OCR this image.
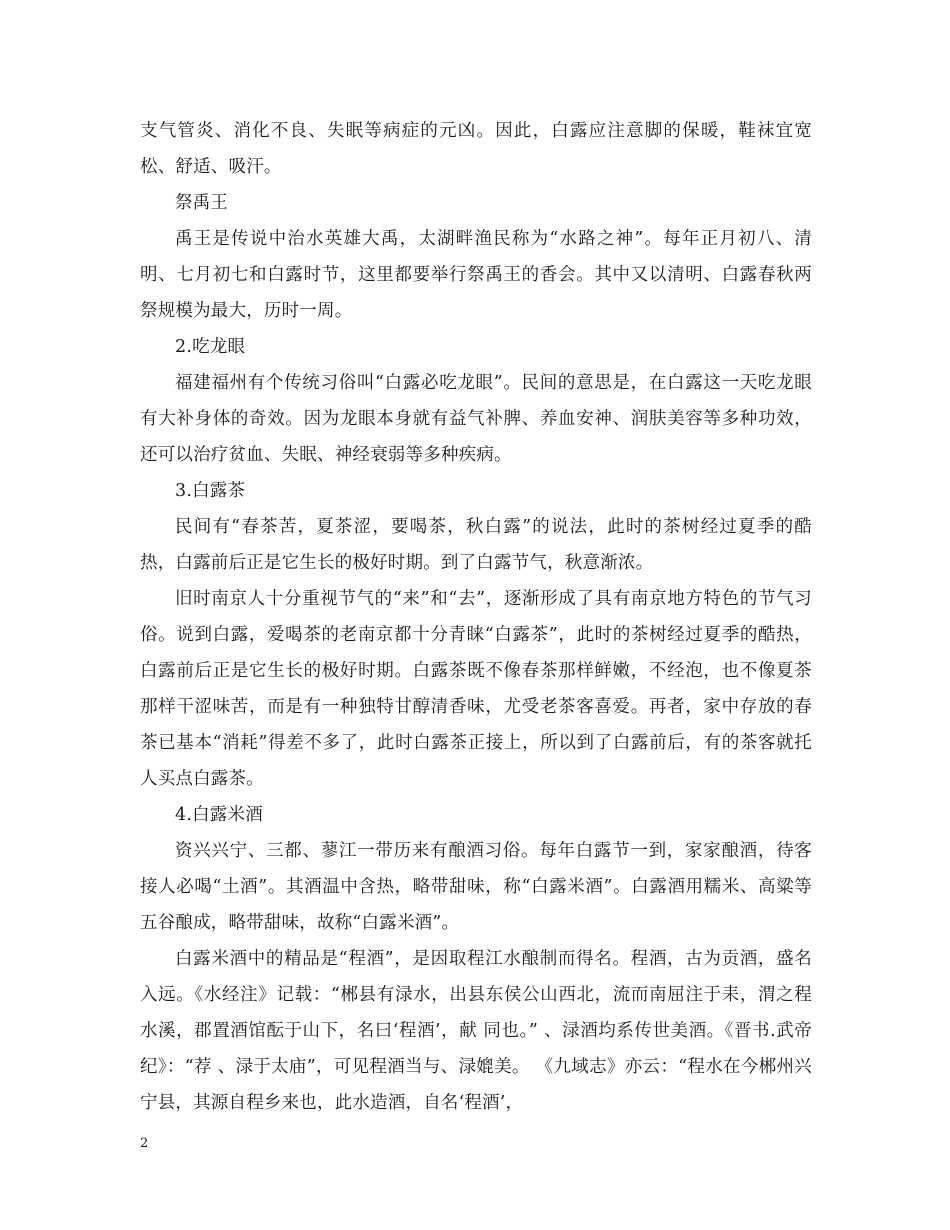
支气管炎、消化不良、失眠等病症的元凶。因此，白露应注意脚的保暖，鞋袜宜宽松、舒适、吸汗。

祭禹王

禹王是传说中治水英雄大禹，太湖畔渔民称为“水路之神”。每年正月初八、清明、七月初七和白露时节，这里都要举行祭禹王的香会。其中又以清明、白露春秋两祭规模为最大，历时一周。

2.吃龙眼

福建福州有个传统习俗叫“白露必吃龙眼”。民间的意思是，在白露这一天吃龙眼有大补身体的奇效。因为龙眼本身就有益气补脾、养血安神、润肤美容等多种功效，还可以治疗贫血、失眠、神经衰弱等多种疾病。

3.白露茶

民间有“春茶苦，夏茶涩，要喝茶，秋白露”的说法，此时的茶树经过夏季的酷热，白露前后正是它生长的极好时期。到了白露节气，秋意渐浓。

旧时南京人十分重视节气的“来”和“去”，逐渐形成了具有南京地方特色的节气习俗。说到白露，爱喝茶的老南京都十分青睐“白露茶”，此时的茶树经过夏季的酷热，白露前后正是它生长的极好时期。白露茶既不像春茶那样鲜嫩，不经泡，也不像夏茶那样干涩味苦，而是有一种独特甘醇清香味，尤受老茶客喜爱。再者，家中存放的春茶已基本“消耗”得差不多了，此时白露茶正接上，所以到了白露前后，有的茶客就托人买点白露茶。

4.白露米酒

资兴兴宁、三都、蓼江一带历来有酿酒习俗。每年白露节一到，家家酿酒，待客接人必喝“土酒”。其酒温中含热，略带甜味，称“白露米酒”。白露酒用糯米、高粱等五谷酿成，略带甜味，故称“白露米酒”。

白露米酒中的精品是“程酒”，是因取程江水酿制而得名。程酒，古为贡酒，盛名入远。《水经注》记载：“郴县有渌水，出县东侯公山西北，流而南屈注于耒，渭之程水溪，郡置酒馆酝于山下，名曰‘程酒’，献 同也。” 、渌酒均系传世美酒。《晋书.武帝纪》：“荐 、渌于太庙”，可见程酒当与、渌媲美。 《九域志》亦云：“程水在今郴州兴宁县，其源自程乡来也，此水造酒，自名‘程酒’，

2
